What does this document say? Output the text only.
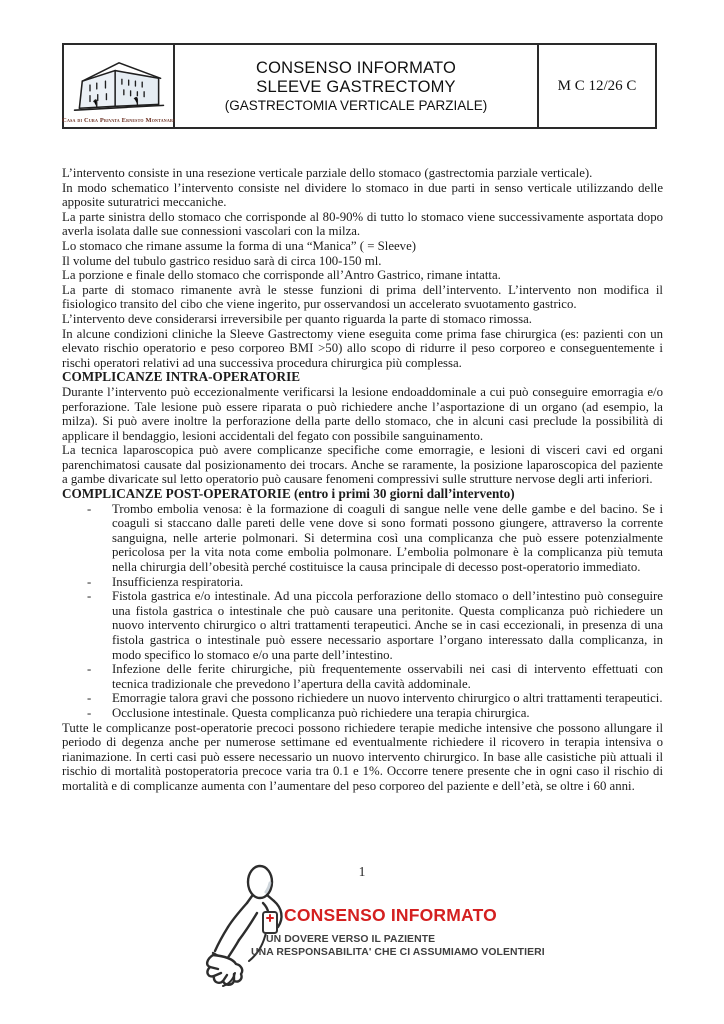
Casa di Cura Privata Ernesto Montanari
CONSENSO INFORMATO
SLEEVE GASTRECTOMY
(GASTRECTOMIA VERTICALE PARZIALE)
M C 12/26 C

L’intervento consiste in una resezione verticale parziale dello stomaco (gastrectomia parziale verticale).

In modo schematico l’intervento consiste nel dividere lo stomaco in due parti in senso verticale utilizzando delle apposite suturatrici meccaniche.

La parte sinistra dello stomaco che corrisponde al 80-90% di tutto lo stomaco viene successivamente asportata dopo averla isolata dalle sue connessioni vascolari con la milza.

Lo stomaco che rimane assume la forma di una “Manica” ( = Sleeve)

Il volume del tubulo gastrico residuo sarà di circa 100-150 ml.

La porzione e finale dello stomaco che corrisponde all’Antro Gastrico, rimane intatta.

La parte di stomaco rimanente avrà le stesse funzioni di prima dell’intervento. L’intervento non modifica il fisiologico transito del cibo che viene ingerito, pur osservandosi un accelerato svuotamento gastrico.

L’intervento deve considerarsi irreversibile per quanto riguarda la parte di stomaco rimossa.

In alcune condizioni cliniche la Sleeve Gastrectomy viene eseguita come prima fase chirurgica (es: pazienti con un elevato rischio operatorio e peso corporeo BMI >50) allo scopo di ridurre il peso corporeo e conseguentemente i rischi operatori relativi ad una successiva procedura chirurgica più complessa.

COMPLICANZE INTRA-OPERATORIE

Durante l’intervento può eccezionalmente verificarsi la lesione endoaddominale a cui può conseguire emorragia e/o perforazione. Tale lesione può essere riparata o può richiedere anche l’asportazione di un organo (ad esempio, la milza). Si può avere inoltre la perforazione della parte dello stomaco, che in alcuni casi preclude la possibilità di applicare il bendaggio, lesioni accidentali del fegato con possibile sanguinamento.

La tecnica laparoscopica può avere complicanze specifiche come emorragie, e lesioni di visceri cavi ed organi parenchimatosi causate dal posizionamento dei trocars. Anche se raramente, la posizione laparoscopica del paziente a gambe divaricate sul letto operatorio può causare fenomeni compressivi sulle strutture nervose degli arti inferiori.

COMPLICANZE POST-OPERATORIE (entro i primi 30 giorni dall’intervento)

- Trombo embolia venosa: è la formazione di coaguli di sangue nelle vene delle gambe e del bacino. Se i coaguli si staccano dalle pareti delle vene dove si sono formati possono giungere, attraverso la corrente sanguigna, nelle arterie polmonari. Si determina così una complicanza che può essere potenzialmente pericolosa per la vita nota come embolia polmonare. L’embolia polmonare è la complicanza più temuta nella chirurgia dell’obesità perché costituisce la causa principale di decesso post-operatorio immediato.
- Insufficienza respiratoria.
- Fistola gastrica e/o intestinale. Ad una piccola perforazione dello stomaco o dell’intestino può conseguire una fistola gastrica o intestinale che può causare una peritonite. Questa complicanza può richiedere un nuovo intervento chirurgico o altri trattamenti terapeutici. Anche se in casi eccezionali, in presenza di una fistola gastrica o intestinale può essere necessario asportare l’organo interessato dalla complicanza, in modo specifico lo stomaco e/o una parte dell’intestino.
- Infezione delle ferite chirurgiche, più frequentemente osservabili nei casi di intervento effettuati con tecnica tradizionale che prevedono l’apertura della cavità addominale.
- Emorragie talora gravi che possono richiedere un nuovo intervento chirurgico o altri trattamenti terapeutici.
- Occlusione intestinale. Questa complicanza può richiedere una terapia chirurgica.

Tutte le complicanze post-operatorie precoci possono richiedere terapie mediche intensive che possono allungare il periodo di degenza anche per numerose settimane ed eventualmente richiedere il ricovero in terapia intensiva o rianimazione. In certi casi può essere necessario un nuovo intervento chirurgico. In base alle casistiche più attuali il rischio di mortalità postoperatoria precoce varia tra 0.1 e 1%. Occorre tenere presente che in ogni caso il rischio di mortalità e di complicanze aumenta con l’aumentare del peso corporeo del paziente e dell’età, se oltre i 60 anni.

1
CONSENSO INFORMATO
UN DOVERE VERSO IL PAZIENTE
UNA RESPONSABILITA' CHE CI ASSUMIAMO VOLENTIERI
